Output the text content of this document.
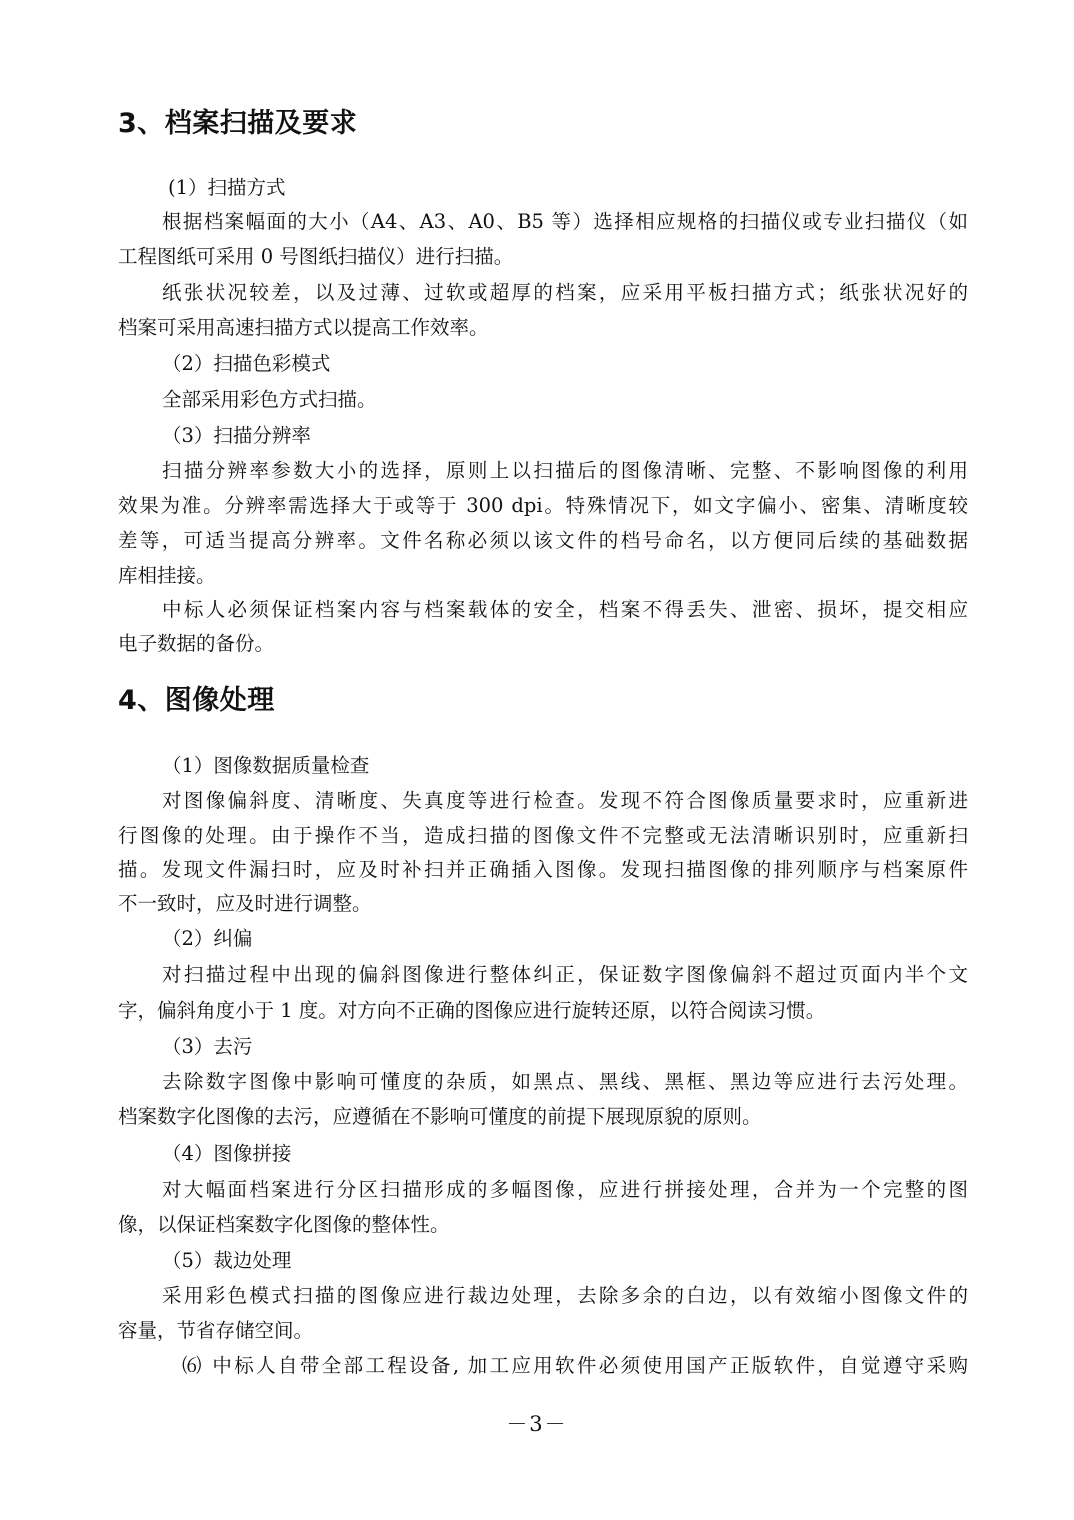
3、档案扫描及要求
(1）扫描方式
根据档案幅面的大小（A4、A3、A0、B5 等）选择相应规格的扫描仪或专业扫描仪（如
工程图纸可采用 0 号图纸扫描仪）进行扫描。
纸张状况较差，以及过薄、过软或超厚的档案，应采用平板扫描方式；纸张状况好的
档案可采用高速扫描方式以提高工作效率。
（2）扫描色彩模式
全部采用彩色方式扫描。
（3）扫描分辨率
扫描分辨率参数大小的选择，原则上以扫描后的图像清晰、完整、不影响图像的利用
效果为准。分辨率需选择大于或等于 300 dpi。特殊情况下，如文字偏小、密集、清晰度较
差等，可适当提高分辨率。文件名称必须以该文件的档号命名，以方便同后续的基础数据
库相挂接。
中标人必须保证档案内容与档案载体的安全，档案不得丢失、泄密、损坏，提交相应
电子数据的备份。
4、图像处理
（1）图像数据质量检查
对图像偏斜度、清晰度、失真度等进行检查。发现不符合图像质量要求时，应重新进
行图像的处理。由于操作不当，造成扫描的图像文件不完整或无法清晰识别时，应重新扫
描。发现文件漏扫时，应及时补扫并正确插入图像。发现扫描图像的排列顺序与档案原件
不一致时，应及时进行调整。
（2）纠偏
对扫描过程中出现的偏斜图像进行整体纠正，保证数字图像偏斜不超过页面内半个文
字，偏斜角度小于 1 度。对方向不正确的图像应进行旋转还原，以符合阅读习惯。
（3）去污
去除数字图像中影响可懂度的杂质，如黑点、黑线、黑框、黑边等应进行去污处理。
档案数字化图像的去污，应遵循在不影响可懂度的前提下展现原貌的原则。
（4）图像拼接
对大幅面档案进行分区扫描形成的多幅图像，应进行拼接处理，合并为一个完整的图
像，以保证档案数字化图像的整体性。
（5）裁边处理
采用彩色模式扫描的图像应进行裁边处理，去除多余的白边，以有效缩小图像文件的
容量，节省存储空间。
⑹ 中标人自带全部工程设备, 加工应用软件必须使用国产正版软件，自觉遵守采购
－3－
